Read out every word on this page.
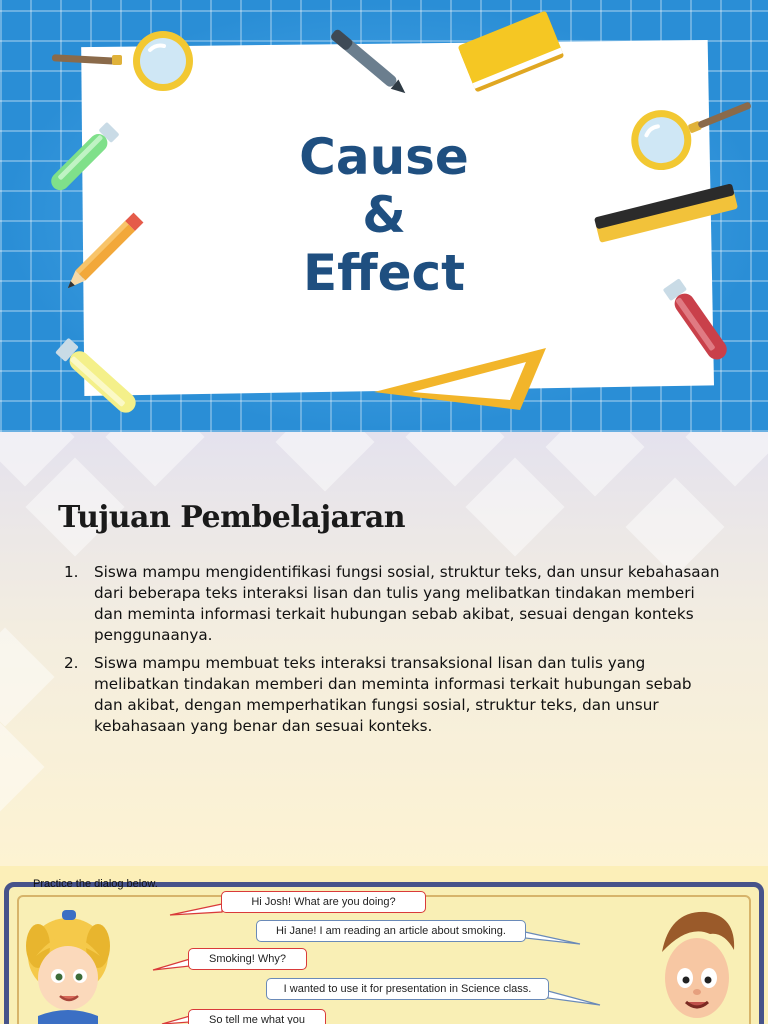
Cause
&
Effect
Tujuan Pembelajaran
1. Siswa mampu mengidentifikasi fungsi sosial, struktur teks, dan unsur kebahasaan dari beberapa teks interaksi lisan dan tulis yang melibatkan tindakan memberi dan meminta informasi terkait hubungan sebab akibat, sesuai dengan konteks penggunaanya.
2. Siswa mampu membuat teks interaksi transaksional lisan dan tulis yang melibatkan tindakan memberi dan meminta informasi terkait hubungan sebab dan akibat, dengan memperhatikan fungsi sosial, struktur teks, dan unsur kebahasaan yang benar dan sesuai konteks.
Practice the dialog below.
Hi Josh! What are you doing?
Hi Jane! I am reading an article about smoking.
Smoking! Why?
I wanted to use it for presentation in Science class.
So tell me what you
